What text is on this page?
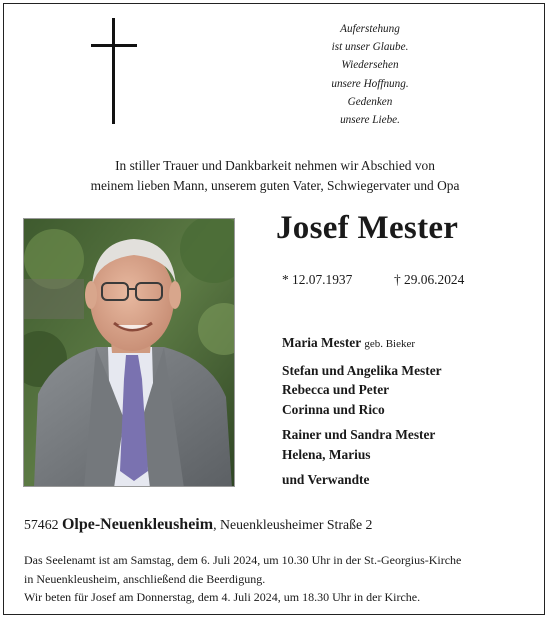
Auferstehung
ist unser Glaube.
Wiedersehen
unsere Hoffnung.
Gedenken
unsere Liebe.
In stiller Trauer und Dankbarkeit nehmen wir Abschied von
meinem lieben Mann, unserem guten Vater, Schwiegervater und Opa
Josef Mester
* 12.07.1937	† 29.06.2024
Maria Mester geb. Bieker
Stefan und Angelika Mester
Rebecca und Peter
Corinna und Rico
Rainer und Sandra Mester
Helena, Marius
und Verwandte
57462 Olpe-Neuenkleusheim, Neuenkleusheimer Straße 2
Das Seelenamt ist am Samstag, dem 6. Juli 2024, um 10.30 Uhr in der St.-Georgius-Kirche
in Neuenkleusheim, anschließend die Beerdigung.
Wir beten für Josef am Donnerstag, dem 4. Juli 2024, um 18.30 Uhr in der Kirche.
